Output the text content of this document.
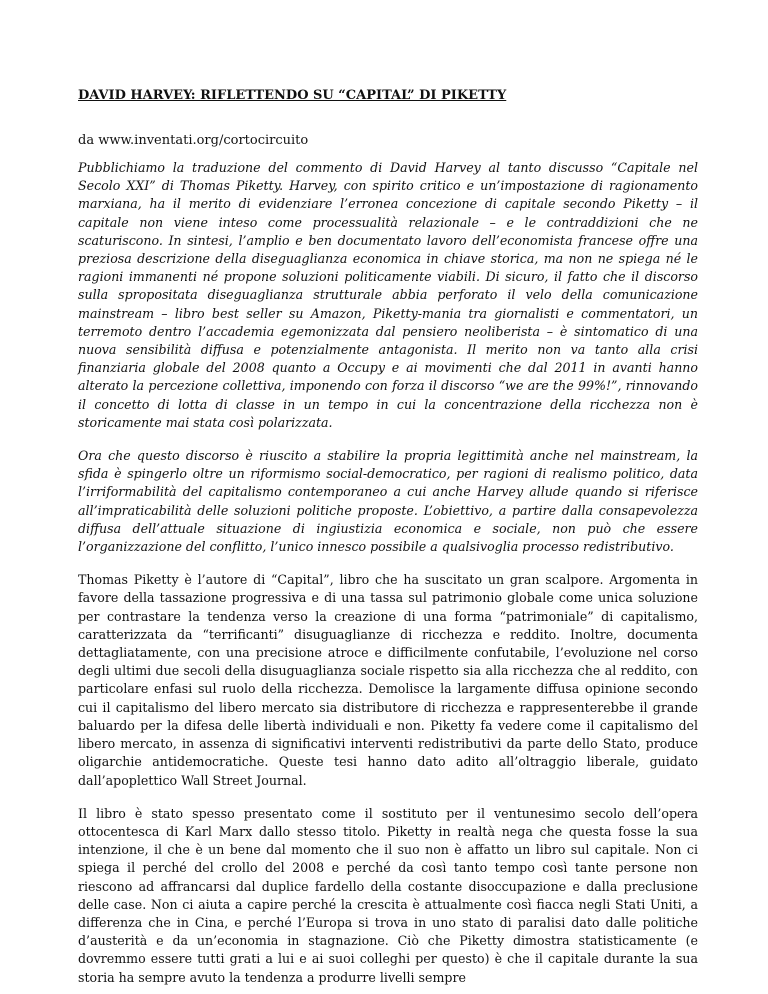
DAVID HARVEY: RIFLETTENDO SU “CAPITAL” DI PIKETTY
da www.inventati.org/cortocircuito

Pubblichiamo la traduzione del commento di David Harvey al tanto discusso “Capitale nel Secolo XXI” di Thomas Piketty. Harvey, con spirito critico e un’impostazione di ragionamento marxiana, ha il merito di evidenziare l’erronea concezione di capitale secondo Piketty – il capitale non viene inteso come processualità relazionale – e le contraddizioni che ne scaturiscono. In sintesi, l’amplio e ben documentato lavoro dell’economista francese offre una preziosa descrizione della diseguaglianza economica in chiave storica, ma non ne spiega né le ragioni immanenti né propone soluzioni politicamente viabili. Di sicuro, il fatto che il discorso sulla spropositata diseguaglianza strutturale abbia perforato il velo della comunicazione mainstream – libro best seller su Amazon, Piketty-mania tra giornalisti e commentatori, un terremoto dentro l’accademia egemonizzata dal pensiero neoliberista – è sintomatico di una nuova sensibilità diffusa e potenzialmente antagonista. Il merito non va tanto alla crisi finanziaria globale del 2008 quanto a Occupy e ai movimenti che dal 2011 in avanti hanno alterato la percezione collettiva, imponendo con forza il discorso “we are the 99%!”, rinnovando il concetto di lotta di classe in un tempo in cui la concentrazione della ricchezza non è storicamente mai stata così polarizzata.

Ora che questo discorso è riuscito a stabilire la propria legittimità anche nel mainstream, la sfida è spingerlo oltre un riformismo social-democratico, per ragioni di realismo politico, data l’irriformabilità del capitalismo contemporaneo a cui anche Harvey allude quando si riferisce all’impraticabilità delle soluzioni politiche proposte. L’obiettivo, a partire dalla consapevolezza diffusa dell’attuale situazione di ingiustizia economica e sociale, non può che essere l’organizzazione del conflitto, l’unico innesco possibile a qualsivoglia processo redistributivo.

Thomas Piketty è l’autore di “Capital”, libro che ha suscitato un gran scalpore. Argomenta in favore della tassazione progressiva e di una tassa sul patrimonio globale come unica soluzione per contrastare la tendenza verso la creazione di una forma “patrimoniale” di capitalismo, caratterizzata da “terrificanti” disuguaglianze di ricchezza e reddito. Inoltre, documenta dettagliatamente, con una precisione atroce e difficilmente confutabile, l’evoluzione nel corso degli ultimi due secoli della disuguaglianza sociale rispetto sia alla ricchezza che al reddito, con particolare enfasi sul ruolo della ricchezza. Demolisce la largamente diffusa opinione secondo cui il capitalismo del libero mercato sia distributore di ricchezza e rappresenterebbe il grande baluardo per la difesa delle libertà individuali e non. Piketty fa vedere come il capitalismo del libero mercato, in assenza di significativi interventi redistributivi da parte dello Stato, produce oligarchie antidemocratiche. Queste tesi hanno dato adito all’oltraggio liberale, guidato dall’apoplettico Wall Street Journal.

Il libro è stato spesso presentato come il sostituto per il ventunesimo secolo dell’opera ottocentesca di Karl Marx dallo stesso titolo. Piketty in realtà nega che questa fosse la sua intenzione, il che è un bene dal momento che il suo non è affatto un libro sul capitale. Non ci spiega il perché del crollo del 2008 e perché da così tanto tempo così tante persone non riescono ad affrancarsi dal duplice fardello della costante disoccupazione e dalla preclusione delle case. Non ci aiuta a capire perché la crescita è attualmente così fiacca negli Stati Uniti, a differenza che in Cina, e perché l’Europa si trova in uno stato di paralisi dato dalle politiche d’austerità e da un’economia in stagnazione. Ciò che Piketty dimostra statisticamente (e dovremmo essere tutti grati a lui e ai suoi colleghi per questo) è che il capitale durante la sua storia ha sempre avuto la tendenza a produrre livelli sempre
